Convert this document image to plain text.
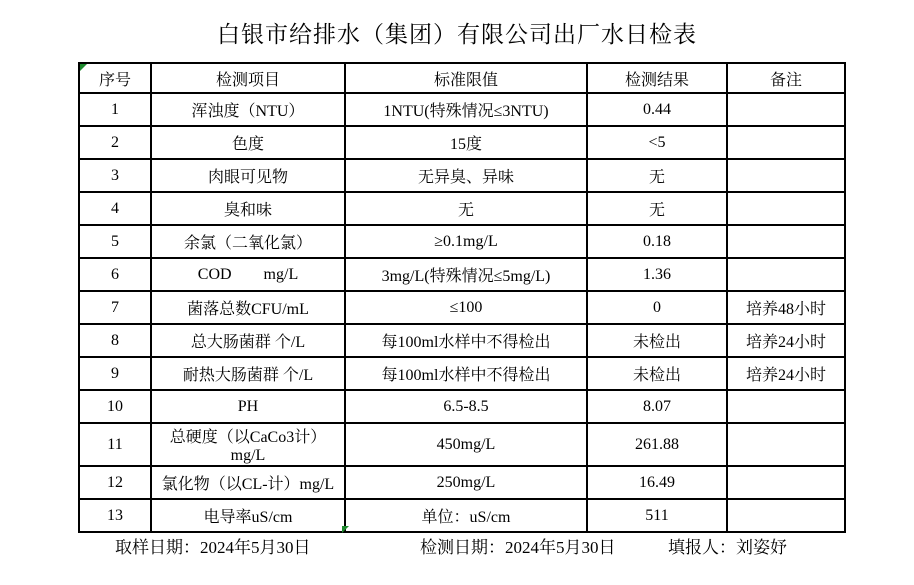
白银市给排水（集团）有限公司出厂水日检表
序号	检测项目	标准限值	检测结果	备注
1	浑浊度（NTU）	1NTU(特殊情况≤3NTU)	0.44	
2	色度	15度	<5	
3	肉眼可见物	无异臭、异味	无	
4	臭和味	无	无	
5	余氯（二氧化氯）	≥0.1mg/L	0.18	
6	COD        mg/L	3mg/L(特殊情况≤5mg/L)	1.36	
7	菌落总数CFU/mL	≤100	0	培养48小时
8	总大肠菌群 个/L	每100ml水样中不得检出	未检出	培养24小时
9	耐热大肠菌群 个/L	每100ml水样中不得检出	未检出	培养24小时
10	PH	6.5-8.5	8.07	
11	总硬度（以CaCo3计）mg/L	450mg/L	261.88	
12	氯化物（以CL-计）mg/L	250mg/L	16.49	
13	电导率uS/cm	单位：uS/cm	511	
取样日期：2024年5月30日	检测日期：2024年5月30日	填报人：刘姿妤
